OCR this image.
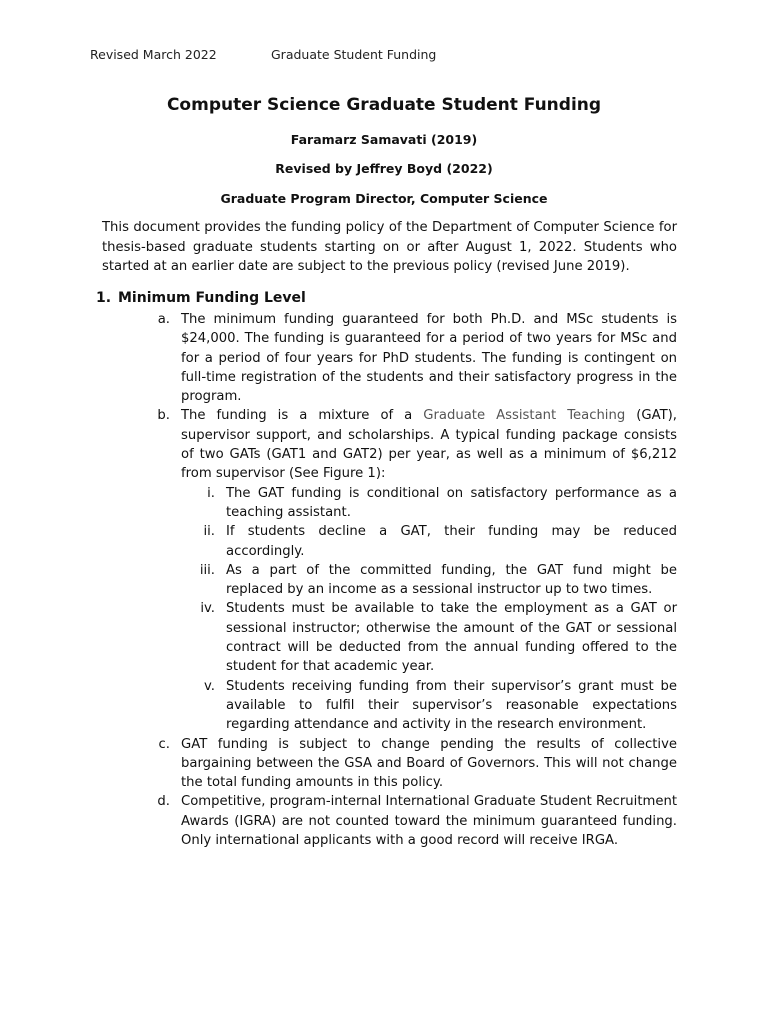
Revised March 2022	Graduate Student Funding
Computer Science Graduate Student Funding
Faramarz Samavati (2019)
Revised by Jeffrey Boyd (2022)
Graduate Program Director, Computer Science
This document provides the funding policy of the Department of Computer Science for thesis-based graduate students starting on or after August 1, 2022. Students who started at an earlier date are subject to the previous policy (revised June 2019).
1. Minimum Funding Level
a. The minimum funding guaranteed for both Ph.D. and MSc students is $24,000. The funding is guaranteed for a period of two years for MSc and for a period of four years for PhD students. The funding is contingent on full-time registration of the students and their satisfactory progress in the program.
b. The funding is a mixture of a Graduate Assistant Teaching (GAT), supervisor support, and scholarships. A typical funding package consists of two GATs (GAT1 and GAT2) per year, as well as a minimum of $6,212 from supervisor (See Figure 1):
i. The GAT funding is conditional on satisfactory performance as a teaching assistant.
ii. If students decline a GAT, their funding may be reduced accordingly.
iii. As a part of the committed funding, the GAT fund might be replaced by an income as a sessional instructor up to two times.
iv. Students must be available to take the employment as a GAT or sessional instructor; otherwise the amount of the GAT or sessional contract will be deducted from the annual funding offered to the student for that academic year.
v. Students receiving funding from their supervisor’s grant must be available to fulfil their supervisor’s reasonable expectations regarding attendance and activity in the research environment.
c. GAT funding is subject to change pending the results of collective bargaining between the GSA and Board of Governors. This will not change the total funding amounts in this policy.
d. Competitive, program-internal International Graduate Student Recruitment Awards (IGRA) are not counted toward the minimum guaranteed funding. Only international applicants with a good record will receive IRGA.
